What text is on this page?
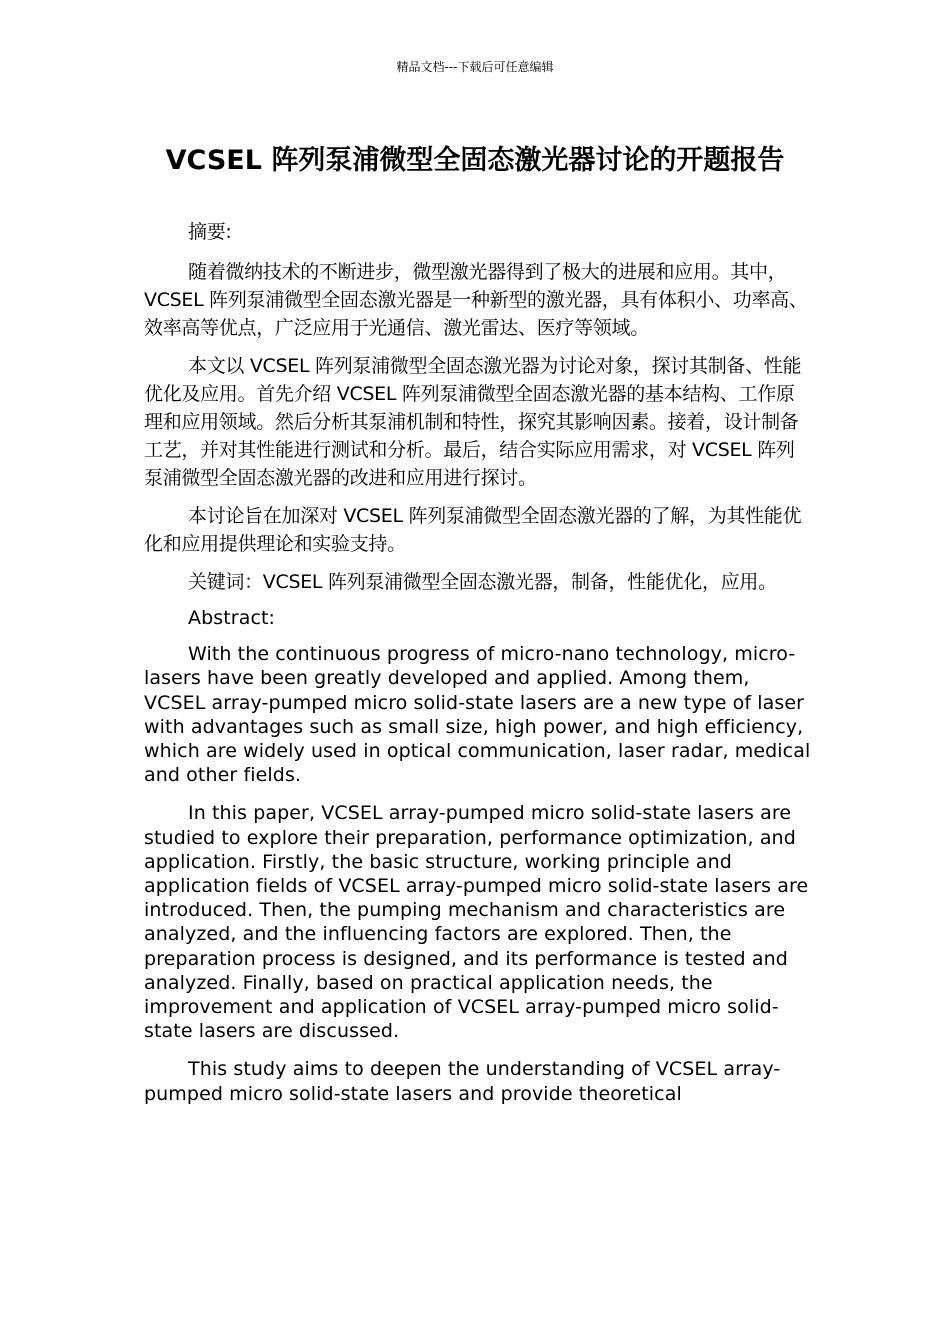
精品文档---下载后可任意编辑
VCSEL 阵列泵浦微型全固态激光器讨论的开题报告

摘要:

随着微纳技术的不断进步，微型激光器得到了极大的进展和应用。其中，VCSEL 阵列泵浦微型全固态激光器是一种新型的激光器，具有体积小、功率高、效率高等优点，广泛应用于光通信、激光雷达、医疗等领域。

本文以 VCSEL 阵列泵浦微型全固态激光器为讨论对象，探讨其制备、性能优化及应用。首先介绍 VCSEL 阵列泵浦微型全固态激光器的基本结构、工作原理和应用领域。然后分析其泵浦机制和特性，探究其影响因素。接着，设计制备工艺，并对其性能进行测试和分析。最后，结合实际应用需求，对 VCSEL 阵列泵浦微型全固态激光器的改进和应用进行探讨。

本讨论旨在加深对 VCSEL 阵列泵浦微型全固态激光器的了解，为其性能优化和应用提供理论和实验支持。

关键词：VCSEL 阵列泵浦微型全固态激光器，制备，性能优化，应用。

Abstract:

With the continuous progress of micro-nano technology, micro-lasers have been greatly developed and applied. Among them, VCSEL array-pumped micro solid-state lasers are a new type of laser with advantages such as small size, high power, and high efficiency, which are widely used in optical communication, laser radar, medical and other fields.

In this paper, VCSEL array-pumped micro solid-state lasers are studied to explore their preparation, performance optimization, and application. Firstly, the basic structure, working principle and application fields of VCSEL array-pumped micro solid-state lasers are introduced. Then, the pumping mechanism and characteristics are analyzed, and the influencing factors are explored. Then, the preparation process is designed, and its performance is tested and analyzed. Finally, based on practical application needs, the improvement and application of VCSEL array-pumped micro solid-state lasers are discussed.

This study aims to deepen the understanding of VCSEL array-pumped micro solid-state lasers and provide theoretical
